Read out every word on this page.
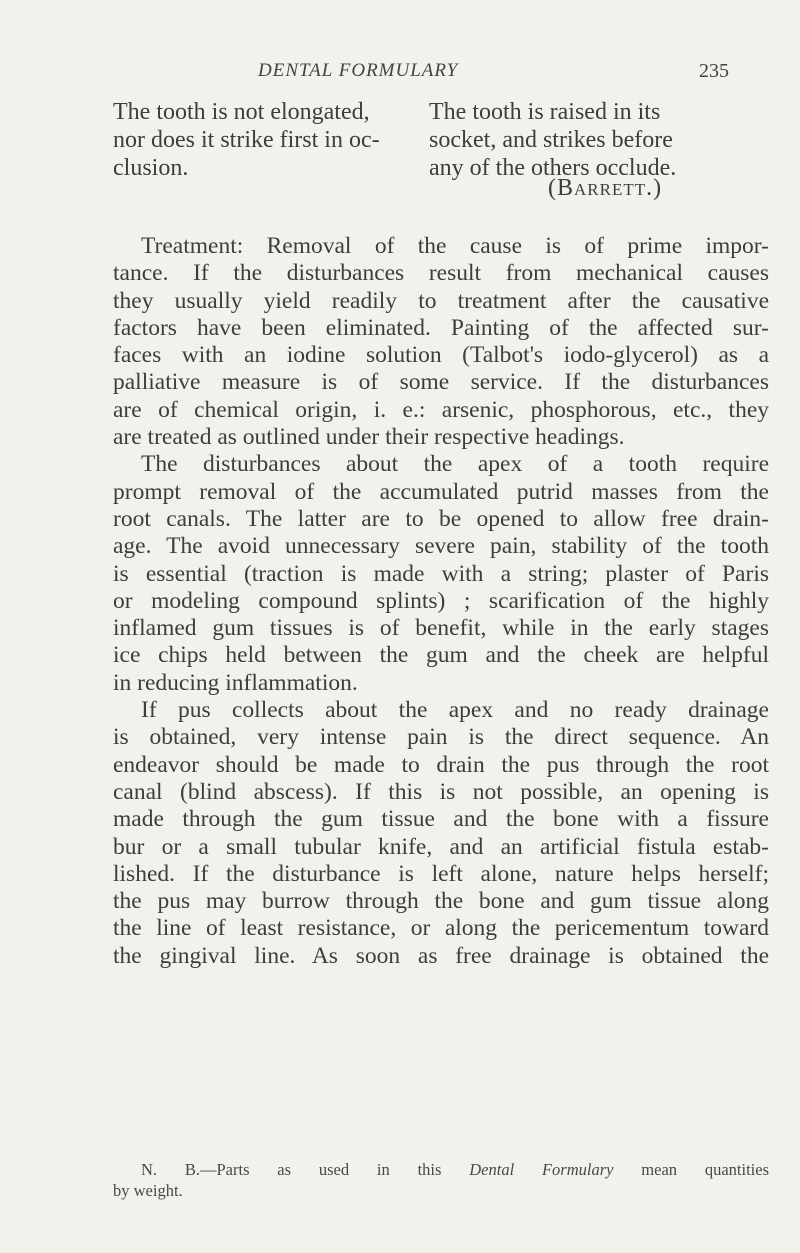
DENTAL FORMULARY	235
The tooth is not elongated,
nor does it strike first in oc-
clusion.
The tooth is raised in its
socket, and strikes before
any of the others occlude.
(Barrett.)
Treatment: Removal of the cause is of prime impor-
tance. If the disturbances result from mechanical causes
they usually yield readily to treatment after the causative
factors have been eliminated. Painting of the affected sur-
faces with an iodine solution (Talbot's iodo-glycerol) as a
palliative measure is of some service. If the disturbances
are of chemical origin, i. e.: arsenic, phosphorous, etc., they
are treated as outlined under their respective headings.
The disturbances about the apex of a tooth require
prompt removal of the accumulated putrid masses from the
root canals. The latter are to be opened to allow free drain-
age. The avoid unnecessary severe pain, stability of the tooth
is essential (traction is made with a string; plaster of Paris
or modeling compound splints) ; scarification of the highly
inflamed gum tissues is of benefit, while in the early stages
ice chips held between the gum and the cheek are helpful
in reducing inflammation.
If pus collects about the apex and no ready drainage
is obtained, very intense pain is the direct sequence. An
endeavor should be made to drain the pus through the root
canal (blind abscess). If this is not possible, an opening is
made through the gum tissue and the bone with a fissure
bur or a small tubular knife, and an artificial fistula estab-
lished. If the disturbance is left alone, nature helps herself;
the pus may burrow through the bone and gum tissue along
the line of least resistance, or along the pericementum toward
the gingival line. As soon as free drainage is obtained the
N. B.—Parts as used in this Dental Formulary mean quantities
by weight.
